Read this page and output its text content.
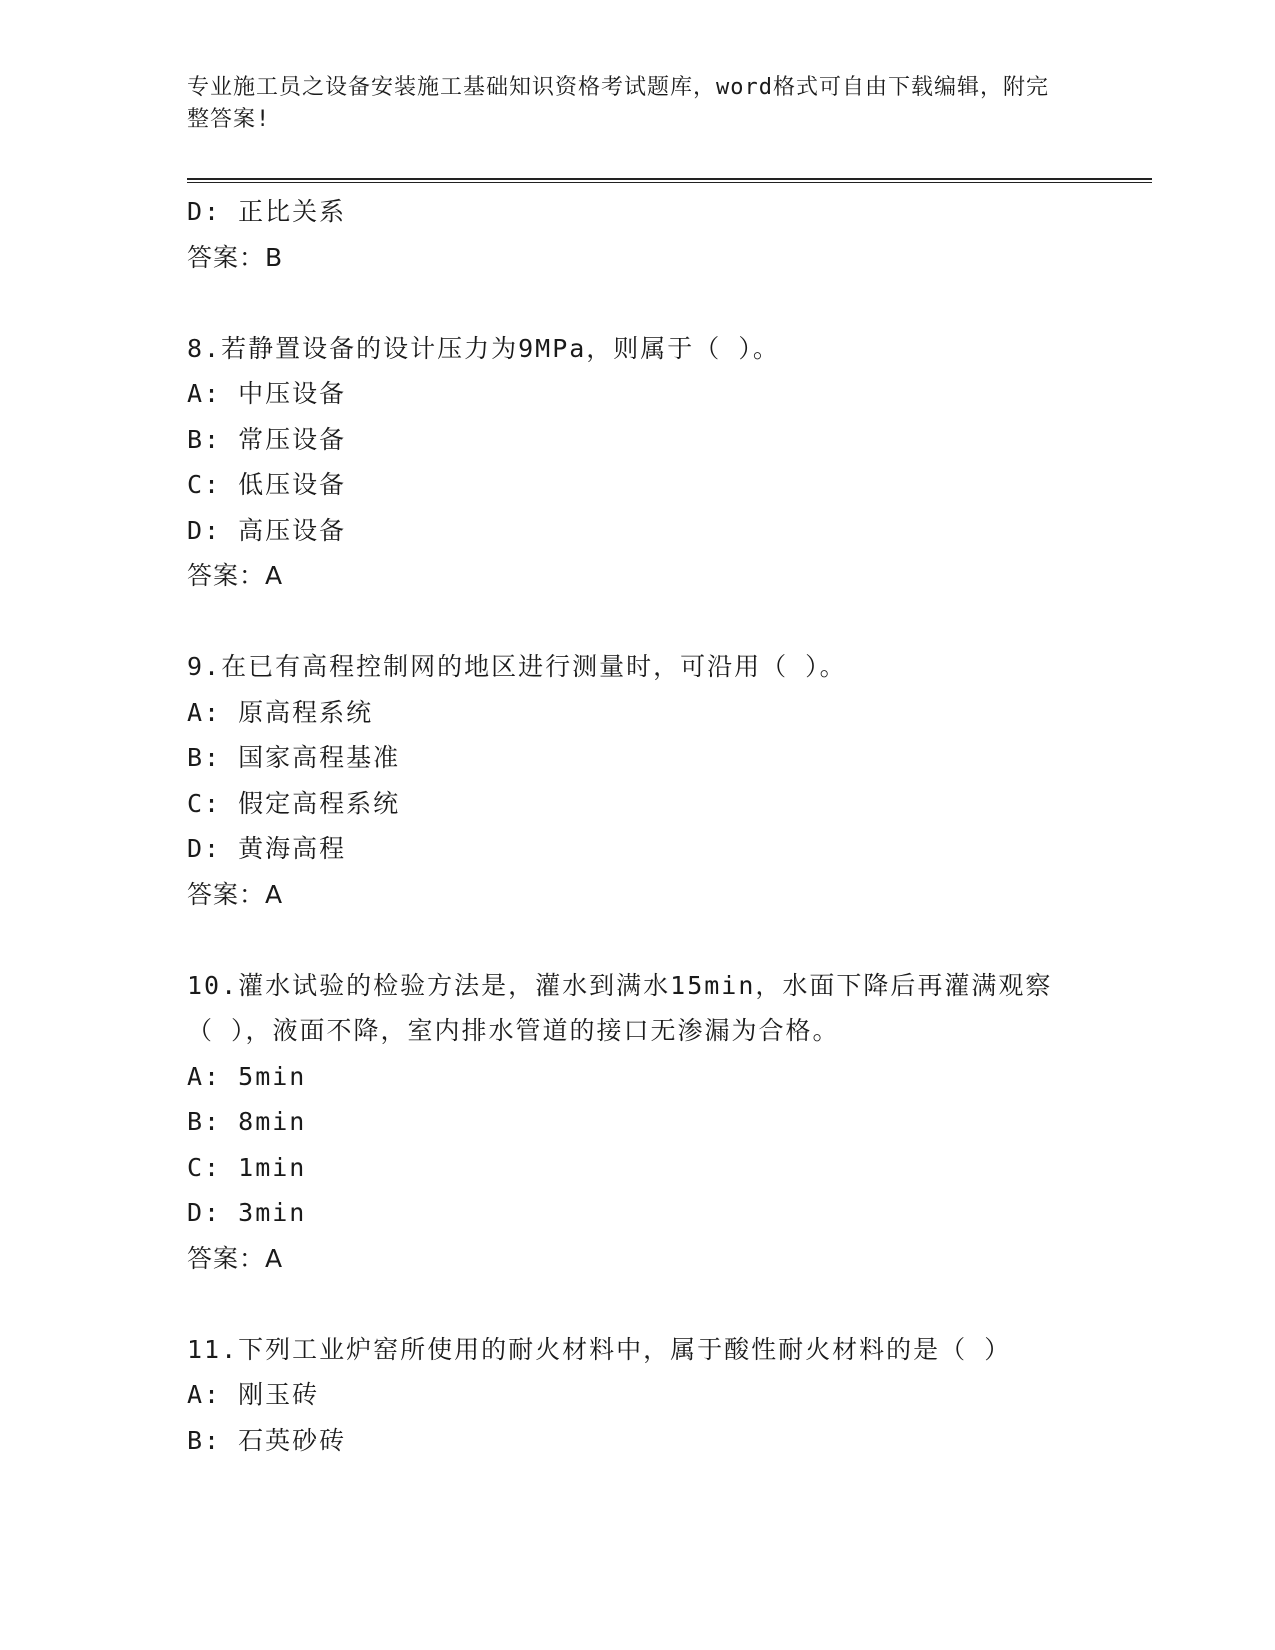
专业施工员之设备安装施工基础知识资格考试题库，word格式可自由下载编辑，附完整答案!
D: 正比关系
答案：B
8.若静置设备的设计压力为9MPa，则属于（ ）。
A: 中压设备
B: 常压设备
C: 低压设备
D: 高压设备
答案：A
9.在已有高程控制网的地区进行测量时，可沿用（ ）。
A: 原高程系统
B: 国家高程基准
C: 假定高程系统
D: 黄海高程
答案：A
10.灌水试验的检验方法是，灌水到满水15min，水面下降后再灌满观察（ ），液面不降，室内排水管道的接口无渗漏为合格。
A: 5min
B: 8min
C: 1min
D: 3min
答案：A
11.下列工业炉窑所使用的耐火材料中，属于酸性耐火材料的是（ ）
A: 刚玉砖
B: 石英砂砖
